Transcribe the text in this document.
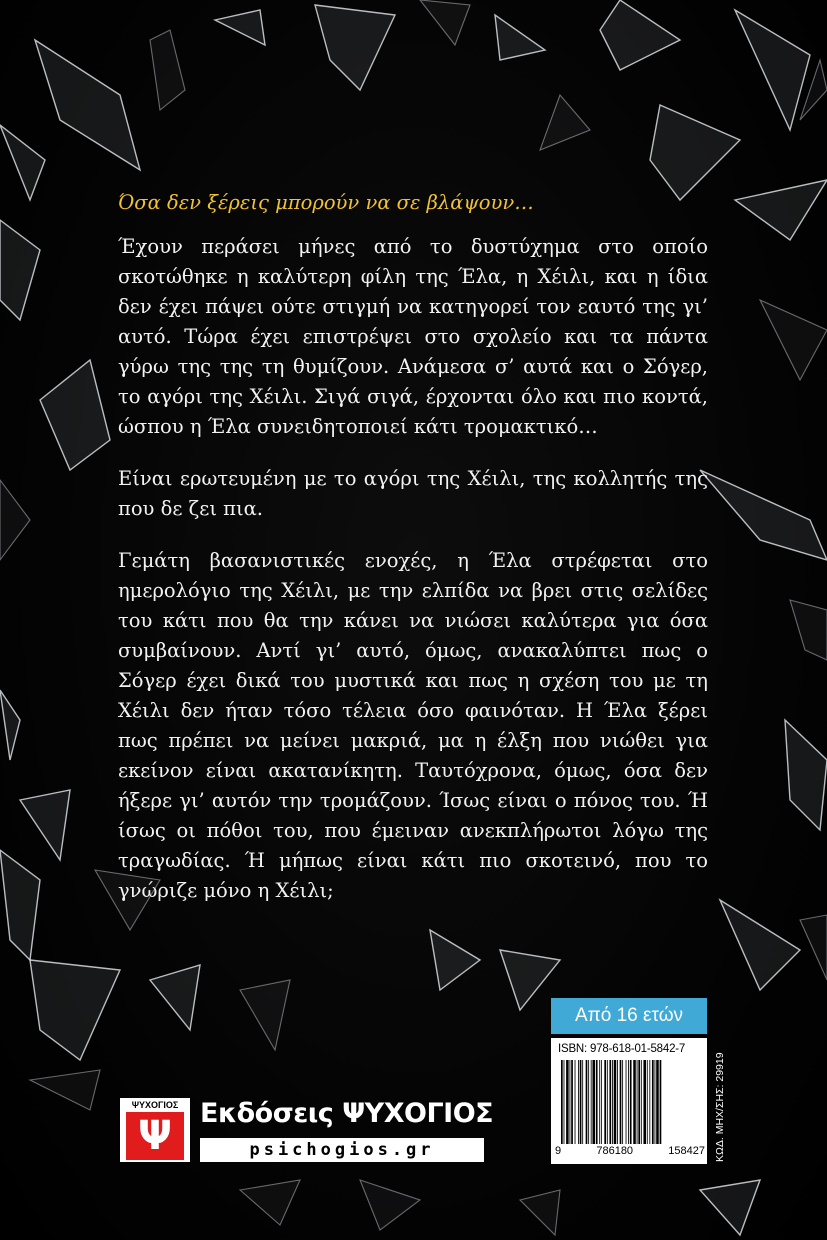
Όσα δεν ξέρεις μπορούν να σε βλάψουν…

Έχουν περάσει μήνες από το δυστύχημα στο οποίο σκοτώθηκε η καλύτερη φίλη της Έλα, η Χέιλι, και η ίδια δεν έχει πάψει ούτε στιγμή να κατηγορεί τον εαυτό της γι’ αυτό. Τώρα έχει επιστρέψει στο σχολείο και τα πάντα γύρω της της τη θυμίζουν. Ανάμεσα σ’ αυτά και ο Σόγερ, το αγόρι της Χέιλι. Σιγά σιγά, έρχονται όλο και πιο κοντά, ώσπου η Έλα συνειδητοποιεί κάτι τρομακτικό…

Είναι ερωτευμένη με το αγόρι της Χέιλι, της κολλητής της που δε ζει πια.

Γεμάτη βασανιστικές ενοχές, η Έλα στρέφεται στο ημερολόγιο της Χέιλι, με την ελπίδα να βρει στις σελίδες του κάτι που θα την κάνει να νιώσει καλύτερα για όσα συμβαίνουν. Αντί γι’ αυτό, όμως, ανακαλύπτει πως ο Σόγερ έχει δικά του μυστικά και πως η σχέση του με τη Χέιλι δεν ήταν τόσο τέλεια όσο φαινόταν. Η Έλα ξέρει πως πρέπει να μείνει μακριά, μα η έλξη που νιώθει για εκείνον είναι ακατανίκητη. Ταυτόχρονα, όμως, όσα δεν ήξερε γι’ αυτόν την τρομάζουν. Ίσως είναι ο πόνος του. Ή ίσως οι πόθοι του, που έμειναν ανεκπλήρωτοι λόγω της τραγωδίας. Ή μήπως είναι κάτι πιο σκοτεινό, που το γνώριζε μόνο η Χέιλι;

Από 16 ετών
ISBN: 978-618-01-5842-7
9	786180	158427 ΚΩΔ. ΜΗΧ/ΣΗΣ: 29919
ΨΥΧΟΓΙΟΣ
Ψ	Εκδόσεις ΨΥΧΟΓΙΟΣ
psichogios.gr
